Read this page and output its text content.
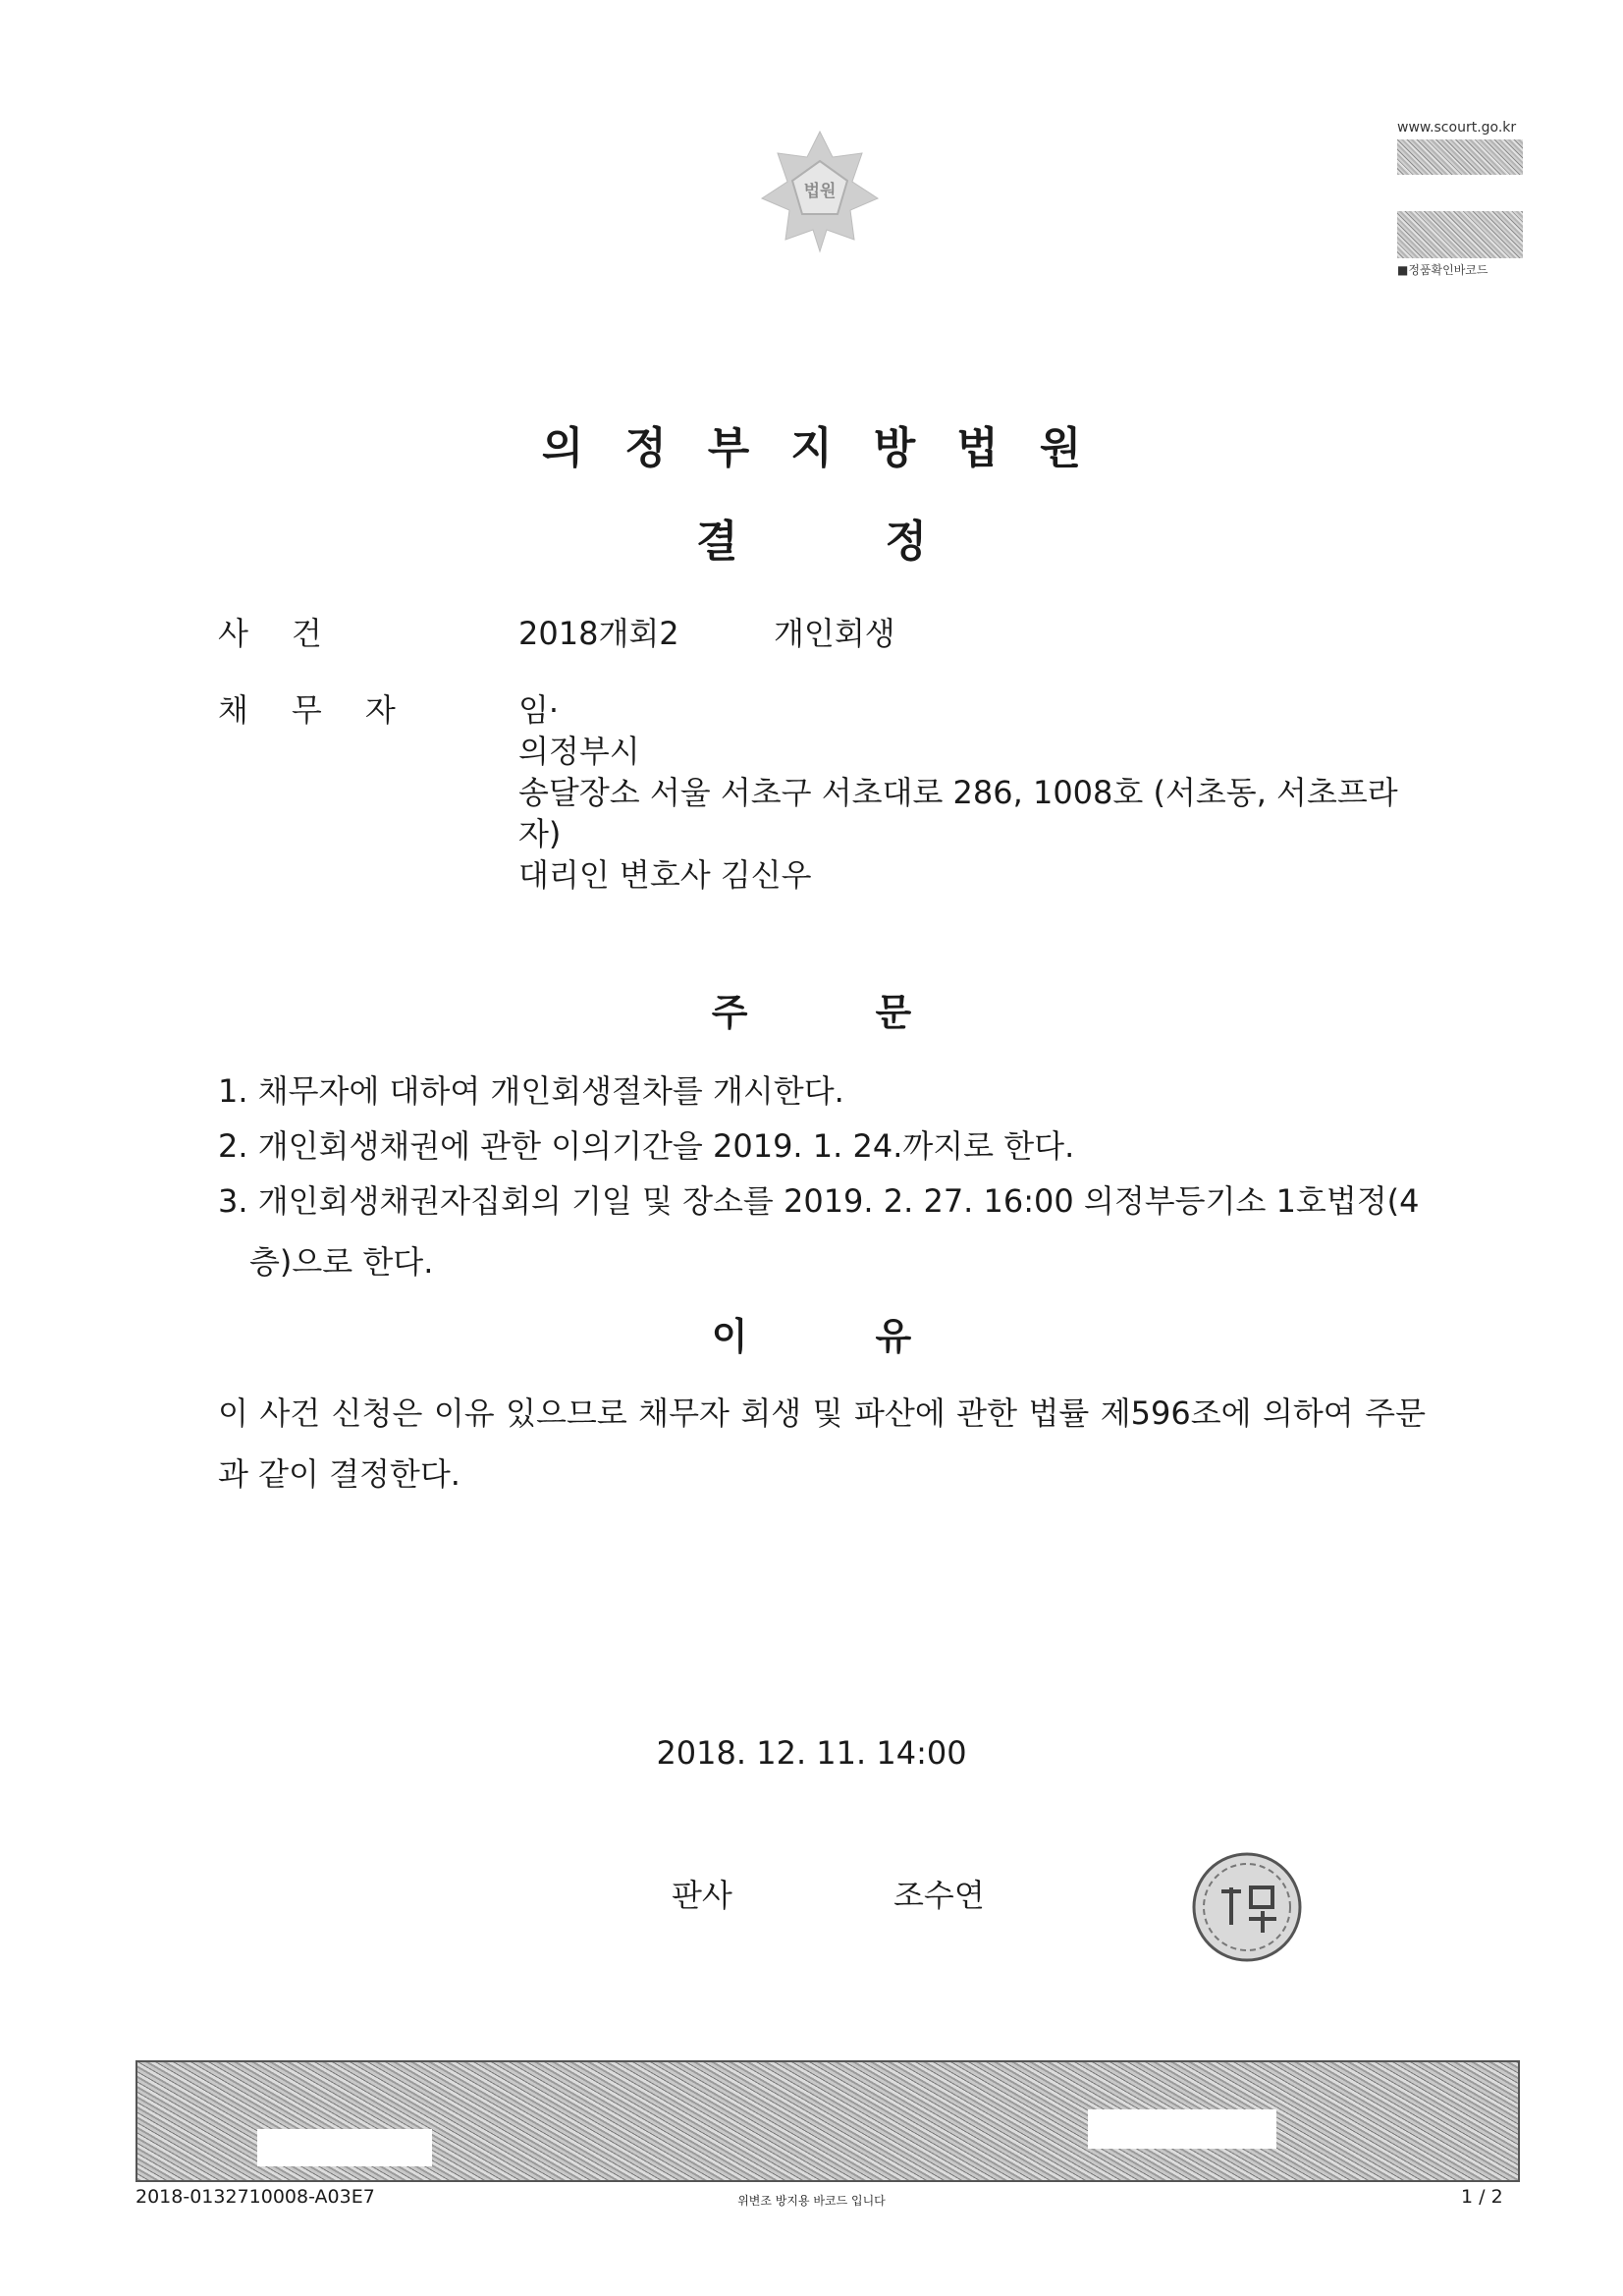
법원
www.scourt.go.kr
■정품확인바코드
의정부지방법원
결정
사건	2018개회2	개인회생
채무자	임·
의정부시
송달장소 서울 서초구 서초대로 286, 1008호 (서초동, 서초프라
자)
대리인 변호사 김신우
주문
1. 채무자에 대하여 개인회생절차를 개시한다.
2. 개인회생채권에 관한 이의기간을 2019. 1. 24.까지로 한다.
3. 개인회생채권자집회의 기일 및 장소를 2019. 2. 27. 16:00 의정부등기소 1호법정(4층)으로 한다.
이유
이 사건 신청은 이유 있으므로 채무자 회생 및 파산에 관한 법률 제596조에 의하여 주문과 같이 결정한다.
2018. 12. 11. 14:00
판사	조수연
2018-0132710008-A03E7	위변조 방지용 바코드 입니다	1 / 2
